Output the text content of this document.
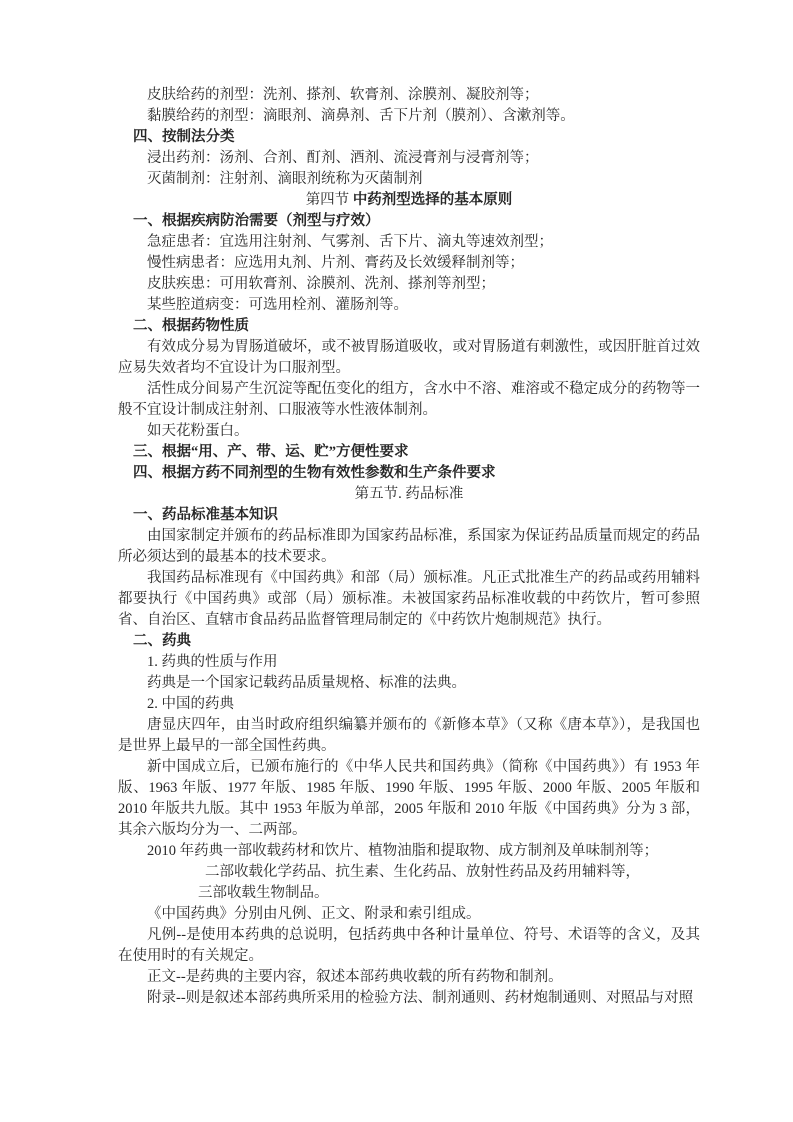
皮肤给药的剂型：洗剂、搽剂、软膏剂、涂膜剂、凝胶剂等；

黏膜给药的剂型：滴眼剂、滴鼻剂、舌下片剂（膜剂）、含漱剂等。

四、按制法分类

浸出药剂：汤剂、合剂、酊剂、酒剂、流浸膏剂与浸膏剂等；

灭菌制剂：注射剂、滴眼剂统称为灭菌制剂

第四节 中药剂型选择的基本原则

一、根据疾病防治需要（剂型与疗效）

急症患者：宜选用注射剂、气雾剂、舌下片、滴丸等速效剂型；

慢性病患者：应选用丸剂、片剂、膏药及长效缓释制剂等；

皮肤疾患：可用软膏剂、涂膜剂、洗剂、搽剂等剂型；

某些腔道病变：可选用栓剂、灌肠剂等。

二、根据药物性质

有效成分易为胃肠道破坏，或不被胃肠道吸收，或对胃肠道有刺激性，或因肝脏首过效应易失效者均不宜设计为口服剂型。

活性成分间易产生沉淀等配伍变化的组方，含水中不溶、难溶或不稳定成分的药物等一般不宜设计制成注射剂、口服液等水性液体制剂。

如天花粉蛋白。

三、根据“用、产、带、运、贮”方便性要求

四、根据方药不同剂型的生物有效性参数和生产条件要求

第五节. 药品标准

一、药品标准基本知识

由国家制定并颁布的药品标准即为国家药品标准，系国家为保证药品质量而规定的药品所必须达到的最基本的技术要求。

我国药品标准现有《中国药典》和部（局）颁标准。凡正式批准生产的药品或药用辅料都要执行《中国药典》或部（局）颁标准。未被国家药品标准收载的中药饮片，暂可参照省、自治区、直辖市食品药品监督管理局制定的《中药饮片炮制规范》执行。

二、药典

1. 药典的性质与作用

药典是一个国家记载药品质量规格、标准的法典。

2. 中国的药典

唐显庆四年，由当时政府组织编纂并颁布的《新修本草》（又称《唐本草》），是我国也是世界上最早的一部全国性药典。

新中国成立后，已颁布施行的《中华人民共和国药典》（简称《中国药典》）有 1953 年版、1963 年版、1977 年版、1985 年版、1990 年版、1995 年版、2000 年版、2005 年版和 2010 年版共九版。其中 1953 年版为单部，2005 年版和 2010 年版《中国药典》分为 3 部，其余六版均分为一、二两部。

2010 年药典一部收载药材和饮片、植物油脂和提取物、成方制剂及单味制剂等；

二部收载化学药品、抗生素、生化药品、放射性药品及药用辅料等，

三部收载生物制品。

《中国药典》分别由凡例、正文、附录和索引组成。

凡例--是使用本药典的总说明，包括药典中各种计量单位、符号、术语等的含义，及其在使用时的有关规定。

正文--是药典的主要内容，叙述本部药典收载的所有药物和制剂。

附录--则是叙述本部药典所采用的检验方法、制剂通则、药材炮制通则、对照品与对照
